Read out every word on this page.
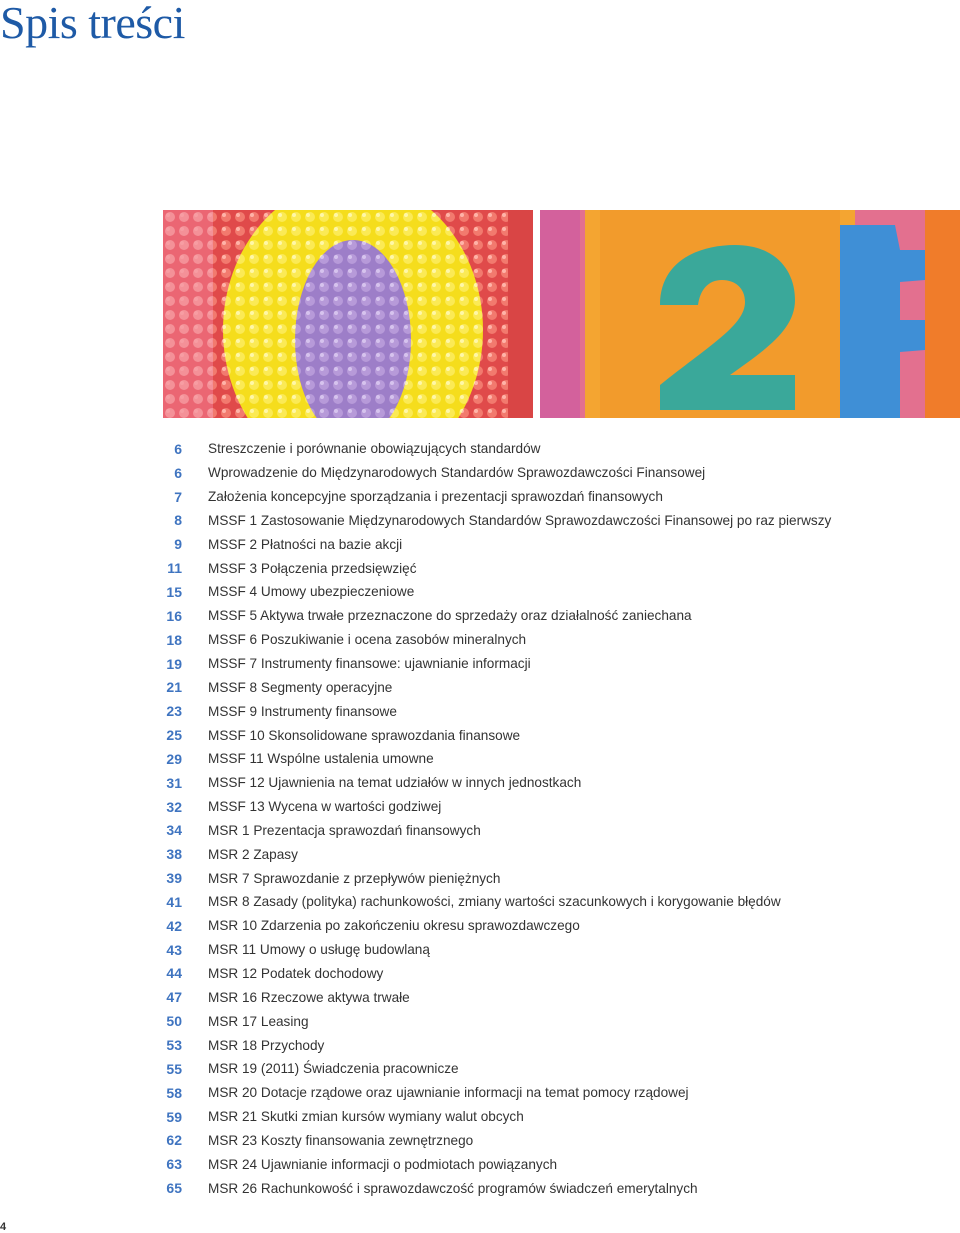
Spis treści
6 Streszczenie i porównanie obowiązujących standardów
6 Wprowadzenie do Międzynarodowych Standardów Sprawozdawczości Finansowej
7 Założenia koncepcyjne sporządzania i prezentacji sprawozdań finansowych
8 MSSF 1 Zastosowanie Międzynarodowych Standardów Sprawozdawczości Finansowej po raz pierwszy
9 MSSF 2 Płatności na bazie akcji
11 MSSF 3 Połączenia przedsięwzięć
15 MSSF 4 Umowy ubezpieczeniowe
16 MSSF 5 Aktywa trwałe przeznaczone do sprzedaży oraz działalność zaniechana
18 MSSF 6 Poszukiwanie i ocena zasobów mineralnych
19 MSSF 7 Instrumenty finansowe: ujawnianie informacji
21 MSSF 8 Segmenty operacyjne
23 MSSF 9 Instrumenty finansowe
25 MSSF 10 Skonsolidowane sprawozdania finansowe
29 MSSF 11 Wspólne ustalenia umowne
31 MSSF 12 Ujawnienia na temat udziałów w innych jednostkach
32 MSSF 13 Wycena w wartości godziwej
34 MSR 1 Prezentacja sprawozdań finansowych
38 MSR 2 Zapasy
39 MSR 7 Sprawozdanie z przepływów pieniężnych
41 MSR 8 Zasady (polityka) rachunkowości, zmiany wartości szacunkowych i korygowanie błędów
42 MSR 10 Zdarzenia po zakończeniu okresu sprawozdawczego
43 MSR 11 Umowy o usługę budowlaną
44 MSR 12 Podatek dochodowy
47 MSR 16 Rzeczowe aktywa trwałe
50 MSR 17 Leasing
53 MSR 18 Przychody
55 MSR 19 (2011) Świadczenia pracownicze
58 MSR 20 Dotacje rządowe oraz ujawnianie informacji na temat pomocy rządowej
59 MSR 21 Skutki zmian kursów wymiany walut obcych
62 MSR 23 Koszty finansowania zewnętrznego
63 MSR 24 Ujawnianie informacji o podmiotach powiązanych
65 MSR 26 Rachunkowość i sprawozdawczość programów świadczeń emerytalnych
4
